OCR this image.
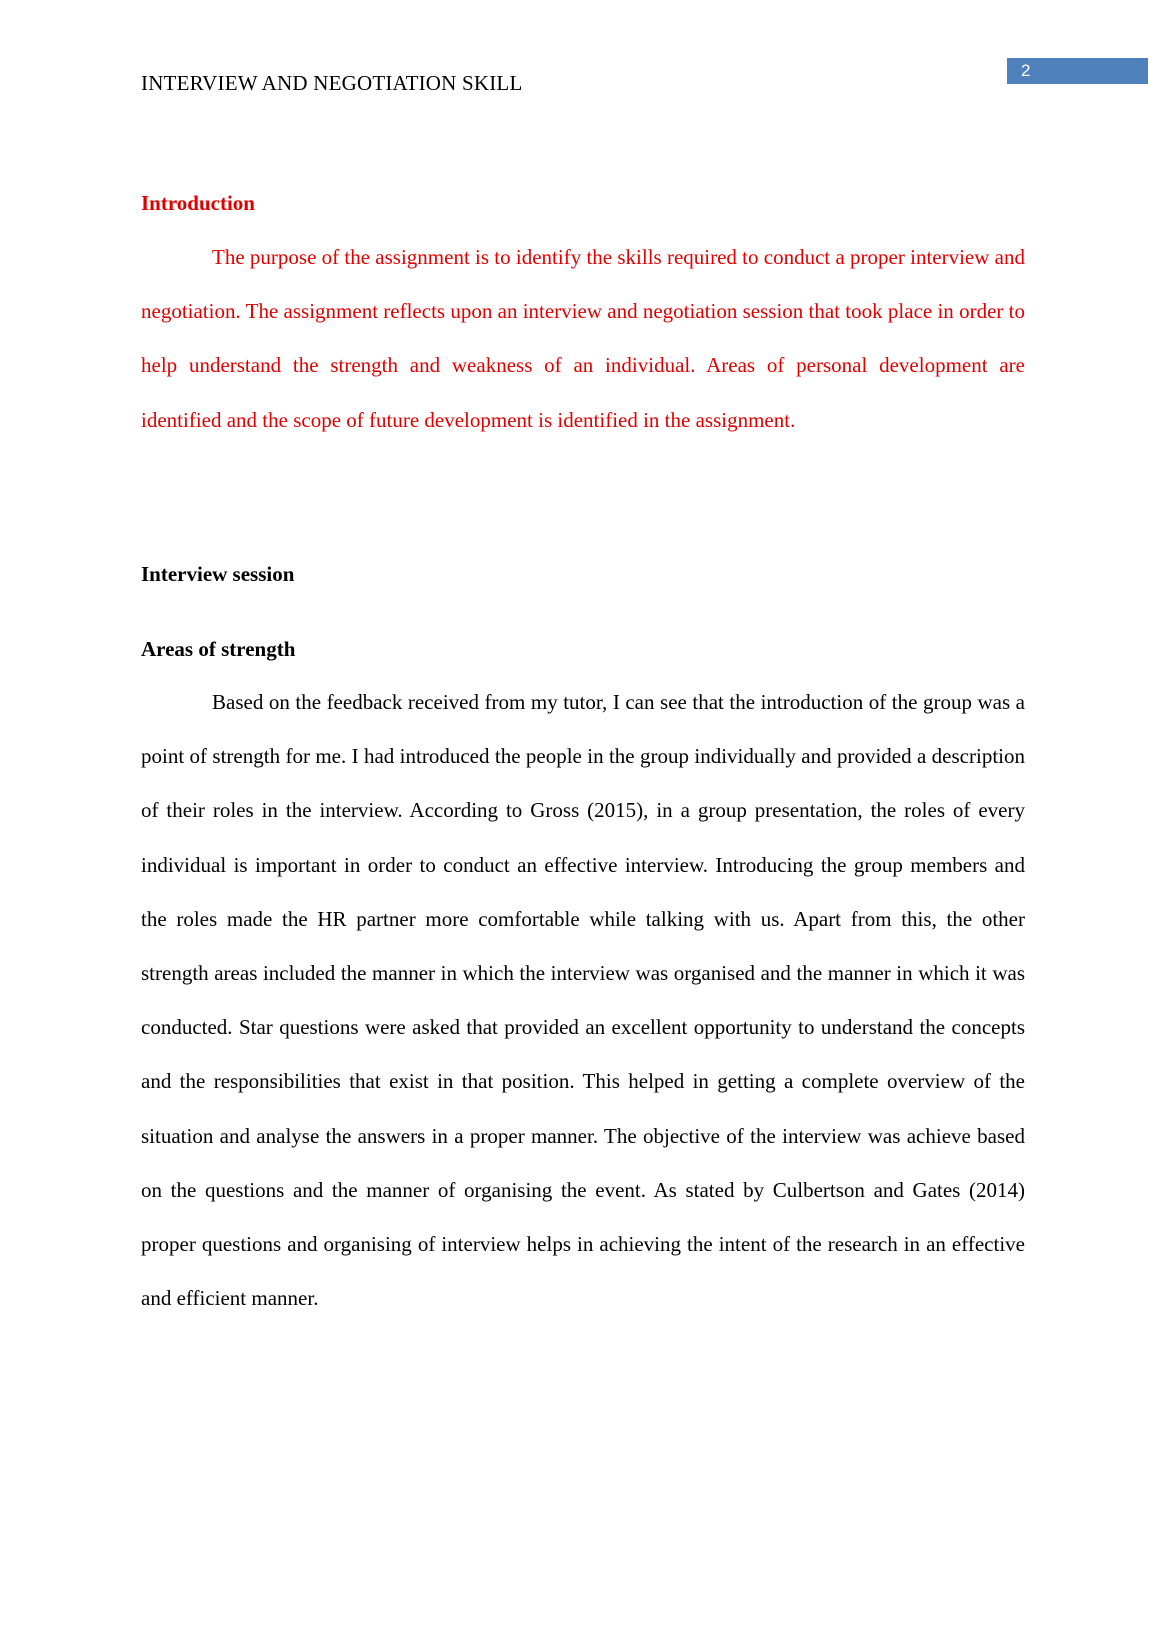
INTERVIEW AND NEGOTIATION SKILL
2
Introduction

The purpose of the assignment is to identify the skills required to conduct a proper interview and negotiation. The assignment reflects upon an interview and negotiation session that took place in order to help understand the strength and weakness of an individual. Areas of personal development are identified and the scope of future development is identified in the assignment.

Interview session
Areas of strength

Based on the feedback received from my tutor, I can see that the introduction of the group was a point of strength for me. I had introduced the people in the group individually and provided a description of their roles in the interview. According to Gross (2015), in a group presentation, the roles of every individual is important in order to conduct an effective interview. Introducing the group members and the roles made the HR partner more comfortable while talking with us. Apart from this, the other strength areas included the manner in which the interview was organised and the manner in which it was conducted. Star questions were asked that provided an excellent opportunity to understand the concepts and the responsibilities that exist in that position. This helped in getting a complete overview of the situation and analyse the answers in a proper manner. The objective of the interview was achieve based on the questions and the manner of organising the event. As stated by Culbertson and Gates (2014) proper questions and organising of interview helps in achieving the intent of the research in an effective and efficient manner.
